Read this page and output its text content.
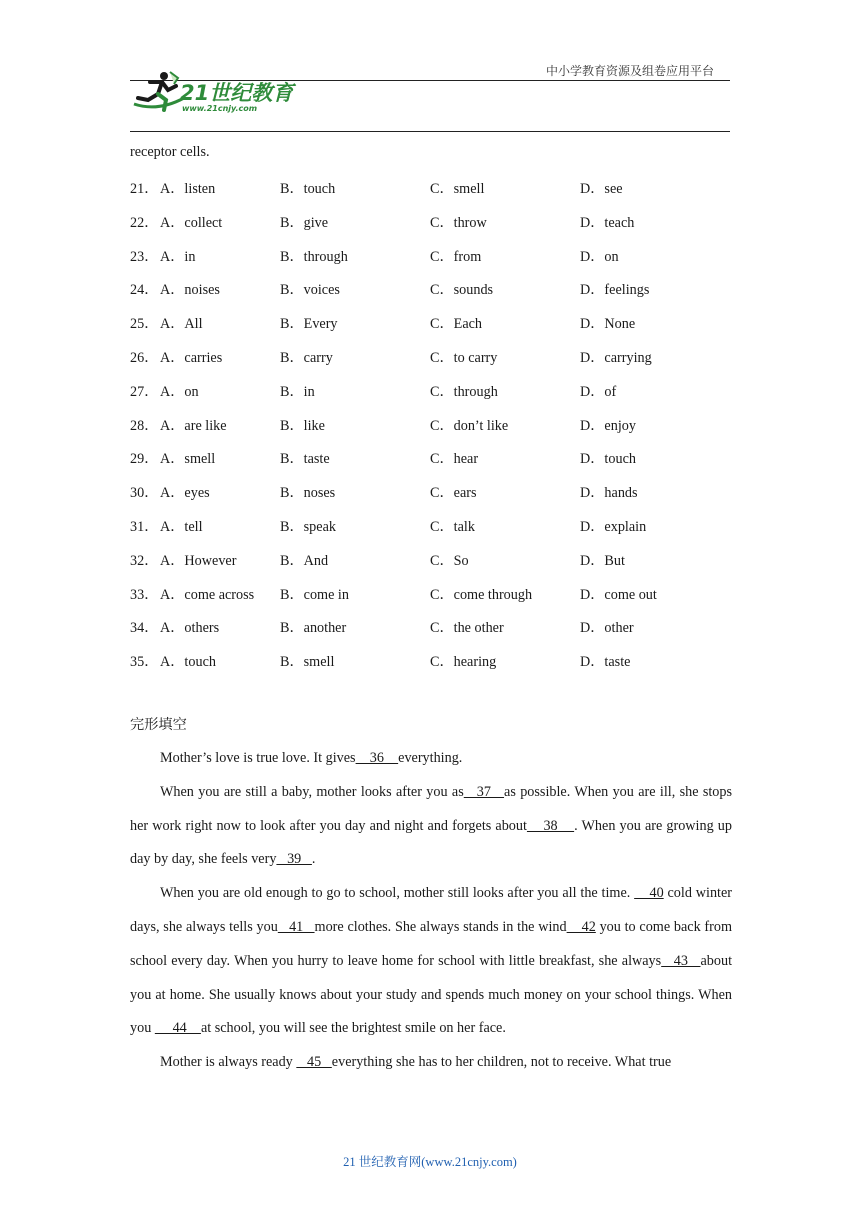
中小学教育资源及组卷应用平台
21世纪教育
www.21cnjy.com
receptor cells.
21． A．listen	B．touch	C．smell	D．see
22． A．collect	B．give	C．throw	D．teach
23． A．in	B．through	C．from	D．on
24． A．noises	B．voices	C．sounds	D．feelings
25． A．All	B．Every	C．Each	D．None
26． A．carries	B．carry	C．to carry	D．carrying
27． A．on	B．in	C．through	D．of
28． A．are like	B．like	C．don’t like	D．enjoy
29． A．smell	B．taste	C．hear	D．touch
30． A．eyes	B．noses	C．ears	D．hands
31． A．tell	B．speak	C．talk	D．explain
32． A．However	B．And	C．So	D．But
33． A．come across B．come in	C．come through	D．come out
34． A．others	B．another	C．the other	D．other
35． A．touch	B．smell	C．hearing	D．taste
完形填空

Mother’s love is true love. It gives    36    everything.

When you are still a baby, mother looks after you as   37   as possible. When you are ill, she stops her work right now to look after you day and night and forgets about    38    . When you are growing up day by day, she feels very   39   .

When you are old enough to go to school, mother still looks after you all the time.     40 cold winter days, she always tells you   41   more clothes. She always stands in the wind    42 you to come back from school every day. When you hurry to leave home for school with little breakfast, she always   43   about you at home. She usually knows about your study and spends much money on your school things. When you      44    at school, you will see the brightest smile on her face.

Mother is always ready    45   everything she has to her children, not to receive. What true

21 世纪教育网(www.21cnjy.com)
